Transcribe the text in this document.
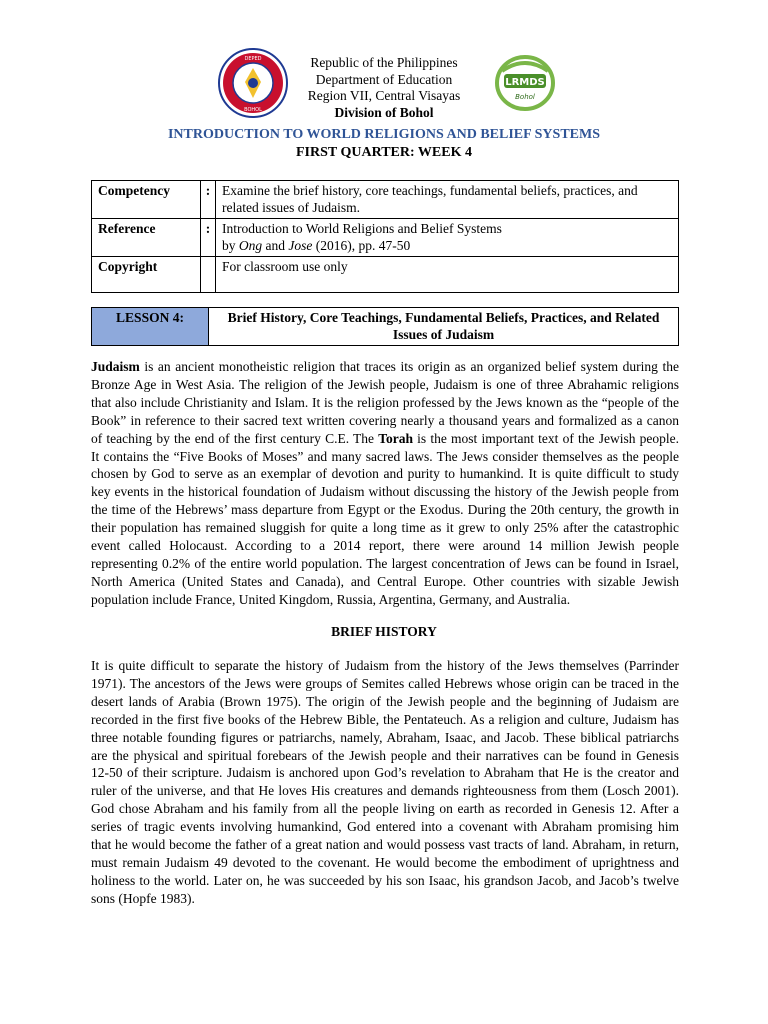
DEPED
BOHOL
LRMDS
Bohol
Republic of the Philippines
Department of Education
Region VII, Central Visayas
Division of Bohol
INTRODUCTION TO WORLD RELIGIONS AND BELIEF SYSTEMS
FIRST QUARTER: WEEK 4
Competency	:	Examine the brief history, core teachings, fundamental beliefs, practices, and related issues of Judaism.
Reference	:	Introduction to World Religions and Belief Systems
by Ong and Jose (2016), pp. 47-50

Copyright		For classroom use only
LESSON 4:	Brief History, Core Teachings, Fundamental Beliefs, Practices, and Related
Issues of Judaism
Judaism is an ancient monotheistic religion that traces its origin as an organized belief system during the
Bronze Age in West Asia. The religion of the Jewish people, Judaism is one of three Abrahamic religions
that also include Christianity and Islam. It is the religion professed by the Jews known as the “people of the
Book” in reference to their sacred text written covering nearly a thousand years and formalized as a canon
of teaching by the end of the first century C.E. The Torah is the most important text of the Jewish people.
It contains the “Five Books of Moses” and many sacred laws. The Jews consider themselves as the people
chosen by God to serve as an exemplar of devotion and purity to humankind. It is quite difficult to study
key events in the historical foundation of Judaism without discussing the history of the Jewish people from
the time of the Hebrews’ mass departure from Egypt or the Exodus. During the 20th century, the growth in
their population has remained sluggish for quite a long time as it grew to only 25% after the catastrophic
event called Holocaust. According to a 2014 report, there were around 14 million Jewish people
representing 0.2% of the entire world population. The largest concentration of Jews can be found in Israel,
North America (United States and Canada), and Central Europe. Other countries with sizable Jewish
population include France, United Kingdom, Russia, Argentina, Germany, and Australia.
BRIEF HISTORY
It is quite difficult to separate the history of Judaism from the history of the Jews themselves (Parrinder
1971). The ancestors of the Jews were groups of Semites called Hebrews whose origin can be traced in the
desert lands of Arabia (Brown 1975). The origin of the Jewish people and the beginning of Judaism are
recorded in the first five books of the Hebrew Bible, the Pentateuch. As a religion and culture, Judaism has
three notable founding figures or patriarchs, namely, Abraham, Isaac, and Jacob. These biblical patriarchs
are the physical and spiritual forebears of the Jewish people and their narratives can be found in Genesis
12-50 of their scripture. Judaism is anchored upon God’s revelation to Abraham that He is the creator and
ruler of the universe, and that He loves His creatures and demands righteousness from them (Losch 2001).
God chose Abraham and his family from all the people living on earth as recorded in Genesis 12. After a
series of tragic events involving humankind, God entered into a covenant with Abraham promising him
that he would become the father of a great nation and would possess vast tracts of land. Abraham, in return,
must remain Judaism 49 devoted to the covenant. He would become the embodiment of uprightness and
holiness to the world. Later on, he was succeeded by his son Isaac, his grandson Jacob, and Jacob’s twelve
sons (Hopfe 1983).
